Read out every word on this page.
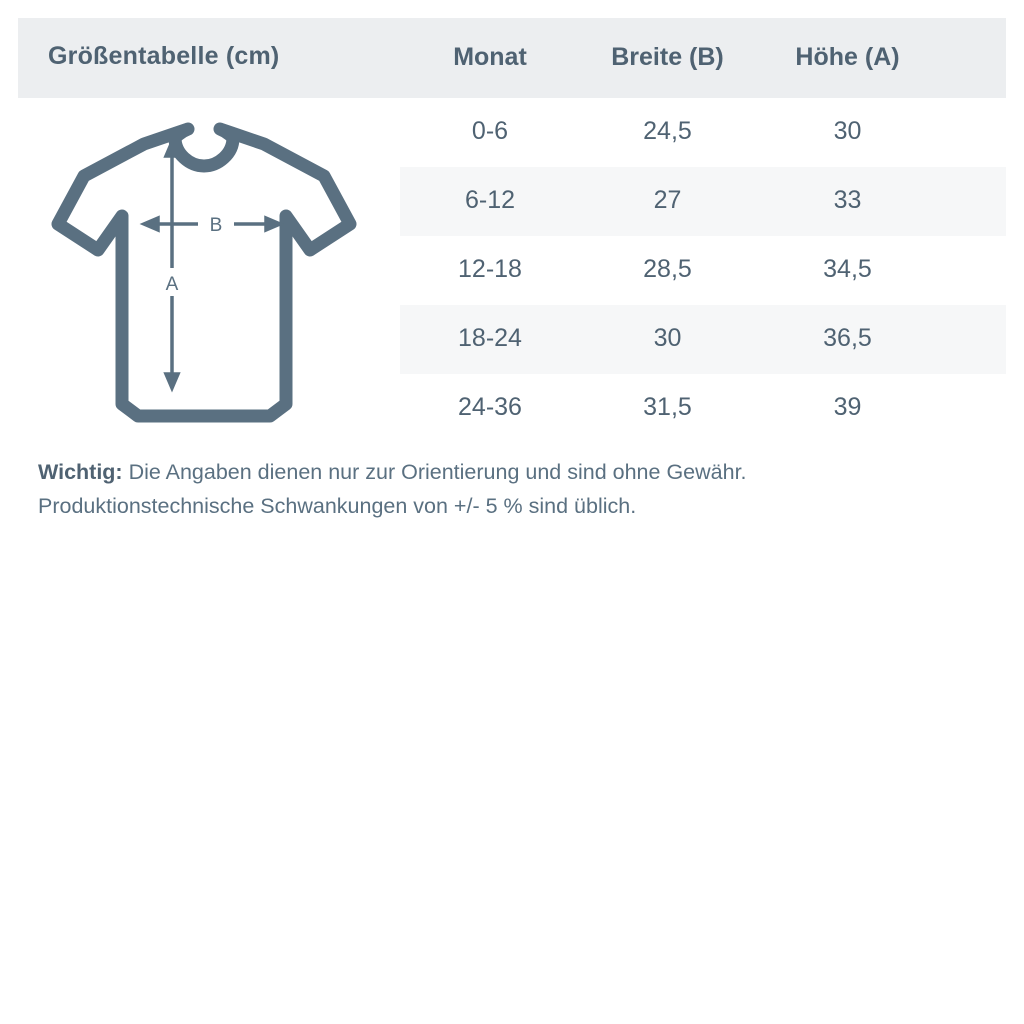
Größentabelle (cm)	Monat	Breite (B)	Höhe (A)
B
A
0-6	24,5	30
6-12	27	33
12-18	28,5	34,5
18-24	30	36,5
24-36	31,5	39
Wichtig: Die Angaben dienen nur zur Orientierung und sind ohne Gewähr.
Produktionstechnische Schwankungen von +/- 5 % sind üblich.
